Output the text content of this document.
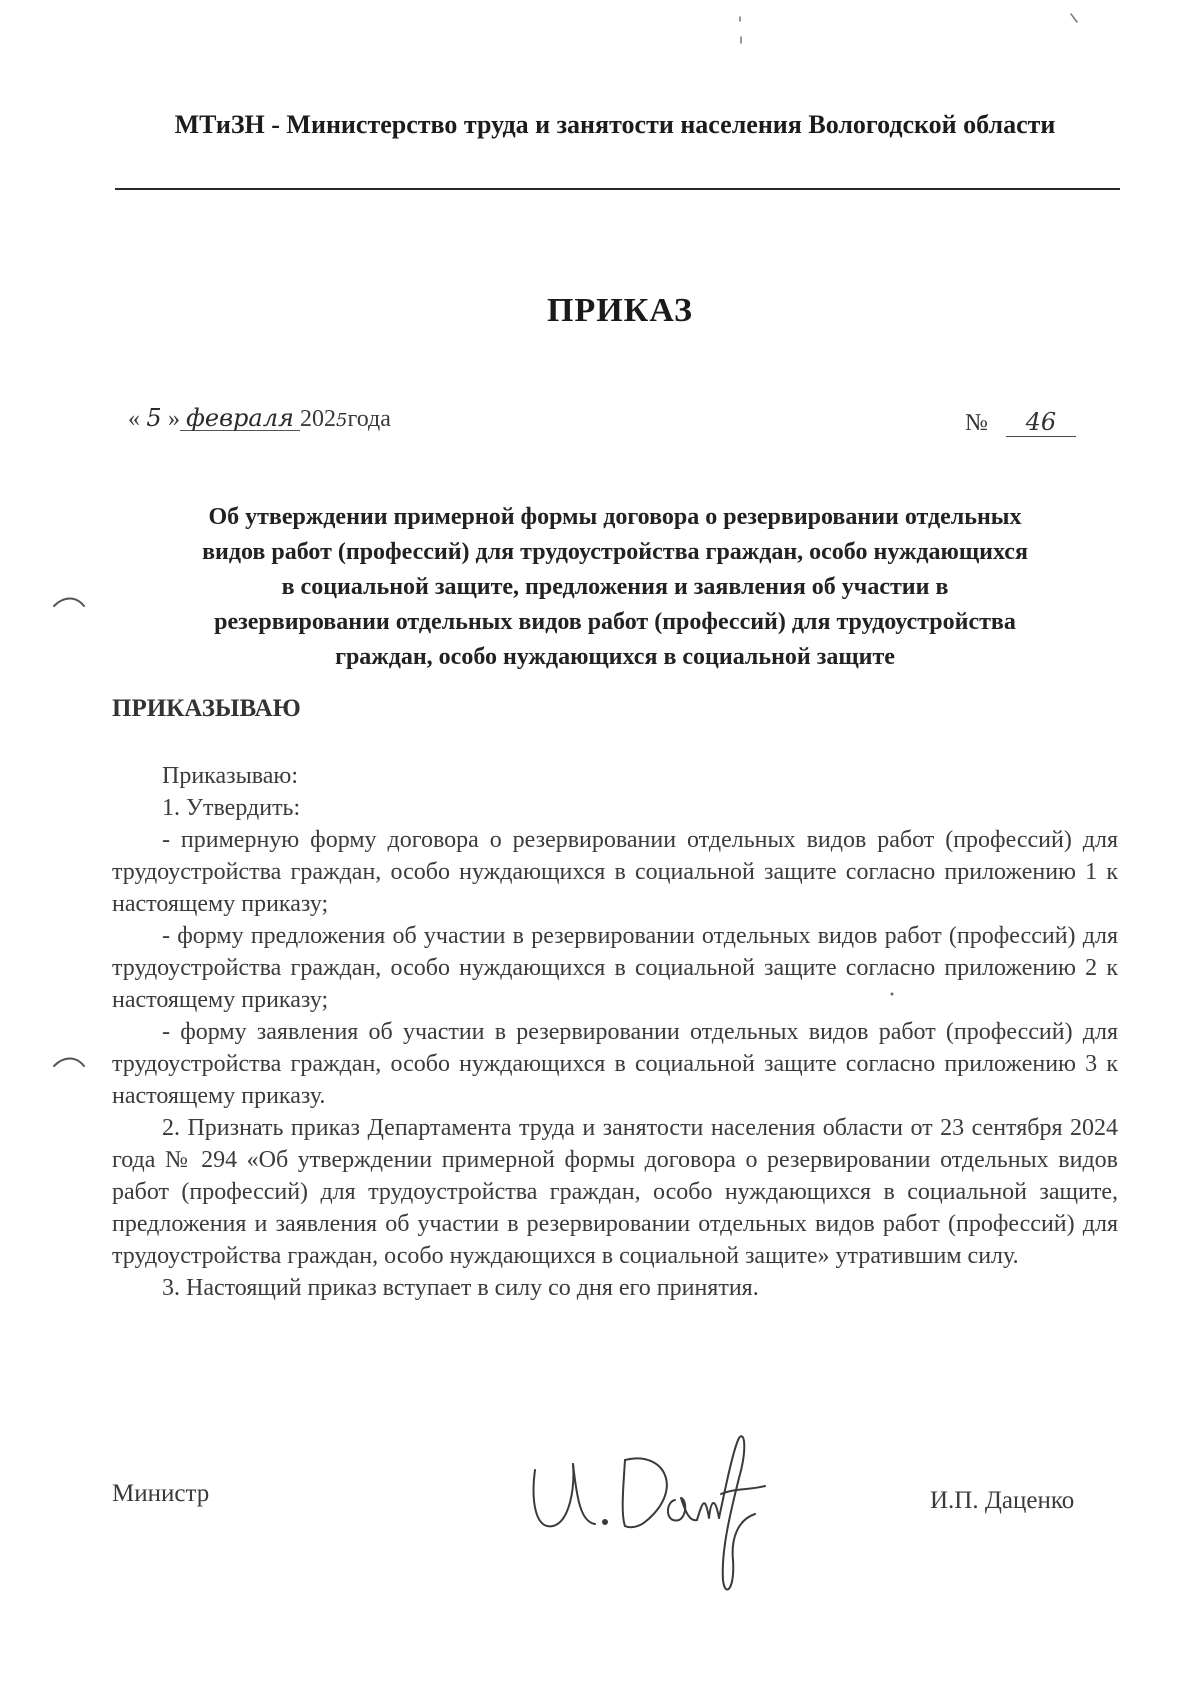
МТиЗН - Министерство труда и занятости населения Вологодской области
ПРИКАЗ
« 5 » февраля 2025года	№ 46
Об утверждении примерной формы договора о резервировании отдельных
видов работ (профессий) для трудоустройства граждан, особо нуждающихся
в социальной защите, предложения и заявления об участии в
резервировании отдельных видов работ (профессий) для трудоустройства
граждан, особо нуждающихся в социальной защите
ПРИКАЗЫВАЮ

Приказываю:

1. Утвердить:

- примерную форму договора о резервировании отдельных видов работ (профессий) для трудоустройства граждан, особо нуждающихся в социальной защите согласно приложению 1 к настоящему приказу;

- форму предложения об участии в резервировании отдельных видов работ (профессий) для трудоустройства граждан, особо нуждающихся в социальной защите согласно приложению 2 к настоящему приказу;

- форму заявления об участии в резервировании отдельных видов работ (профессий) для трудоустройства граждан, особо нуждающихся в социальной защите согласно приложению 3 к настоящему приказу.

2. Признать приказ Департамента труда и занятости населения области от 23 сентября 2024 года № 294 «Об утверждении примерной формы договора о резервировании отдельных видов работ (профессий) для трудоустройства граждан, особо нуждающихся в социальной защите, предложения и заявления об участии в резервировании отдельных видов работ (профессий) для трудоустройства граждан, особо нуждающихся в социальной защите» утратившим силу.

3. Настоящий приказ вступает в силу со дня его принятия.

Министр	И.П. Даценко
